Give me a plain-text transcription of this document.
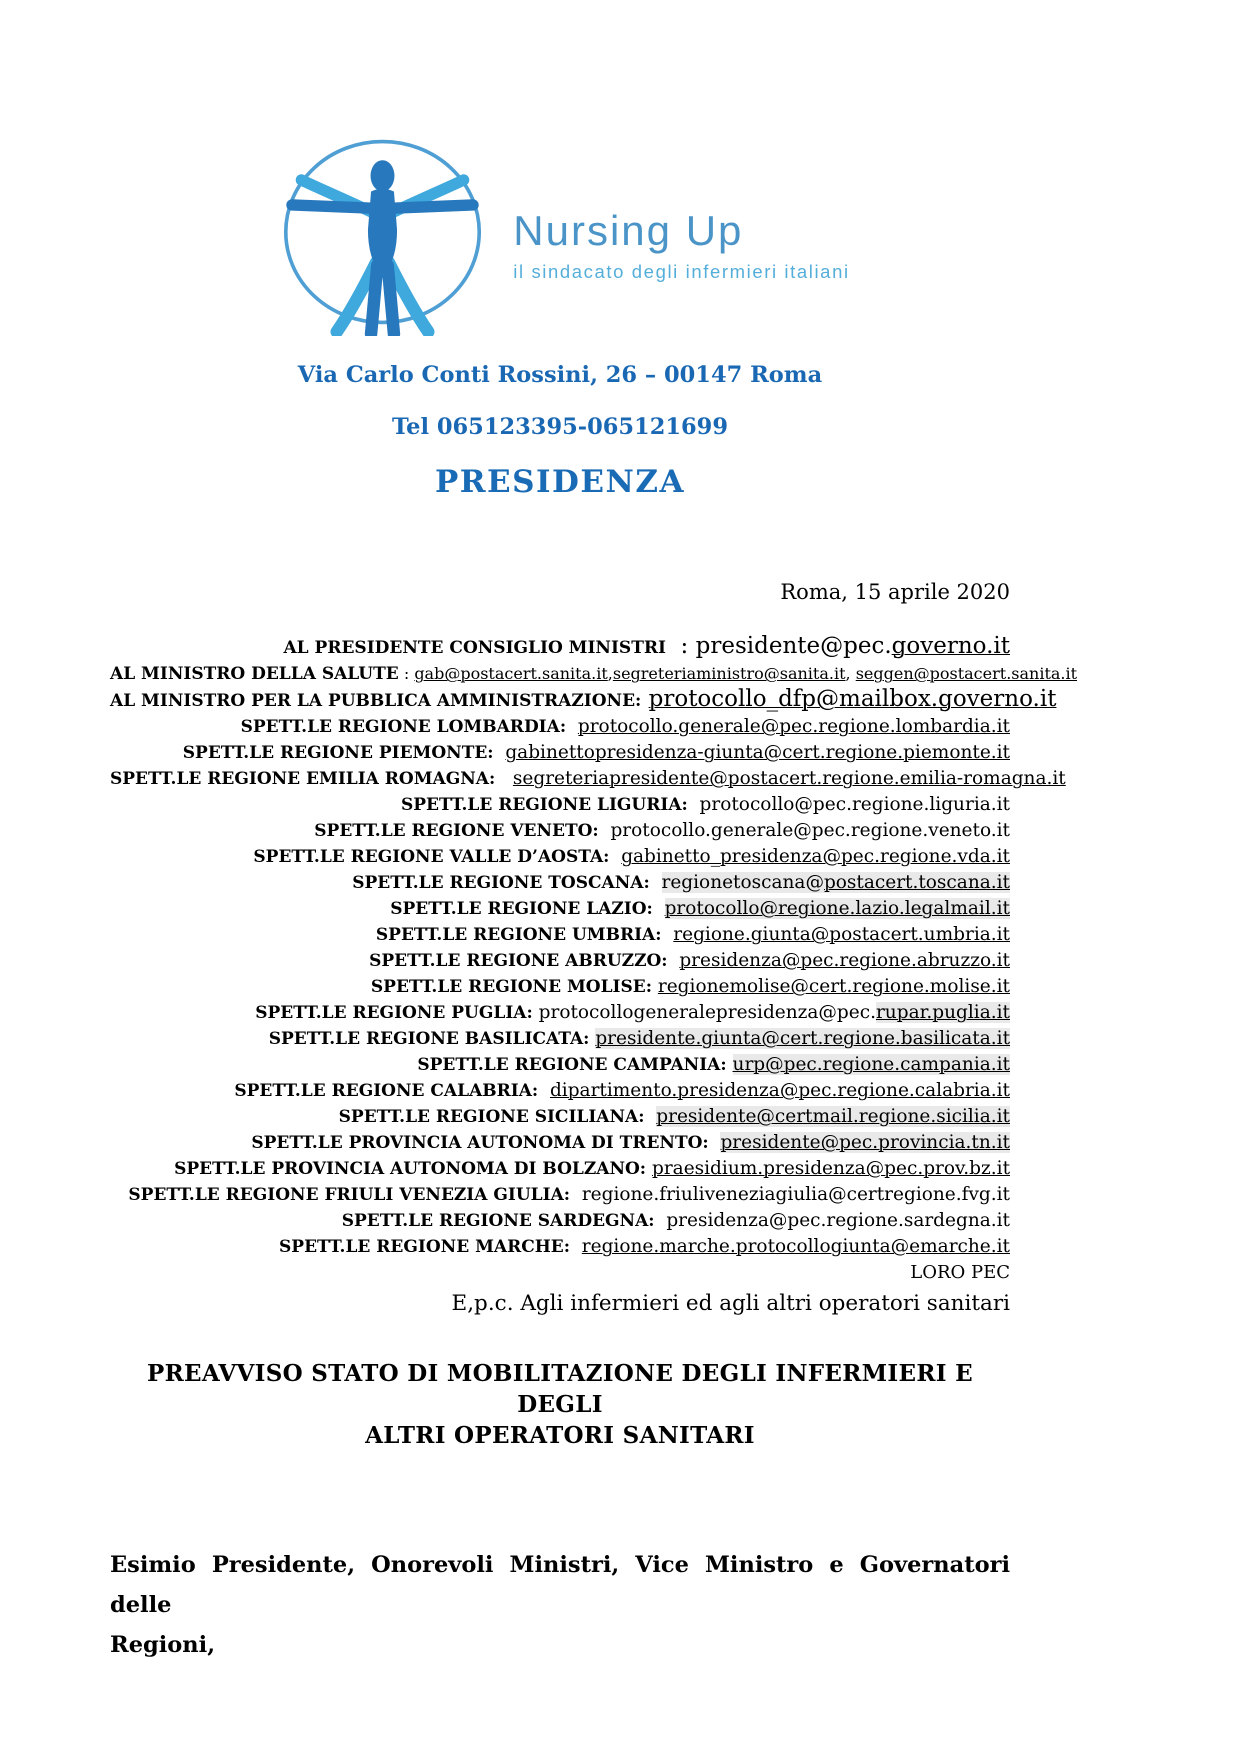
Nursing Up
il sindacato degli infermieri italiani
Via Carlo Conti Rossini, 26 – 00147 Roma
Tel 065123395-065121699
PRESIDENZA
Roma, 15 aprile 2020
AL PRESIDENTE CONSIGLIO MINISTRI  : presidente@pec.governo.it
AL MINISTRO DELLA SALUTE : gab@postacert.sanita.it,segreteriaministro@sanita.it, seggen@postacert.sanita.it
AL MINISTRO PER LA PUBBLICA AMMINISTRAZIONE: protocollo_dfp@mailbox.governo.it
SPETT.LE REGIONE LOMBARDIA: protocollo.generale@pec.regione.lombardia.it
SPETT.LE REGIONE PIEMONTE: gabinettopresidenza-giunta@cert.regione.piemonte.it
SPETT.LE REGIONE EMILIA ROMAGNA: segreteriapresidente@postacert.regione.emilia-romagna.it
SPETT.LE REGIONE LIGURIA: protocollo@pec.regione.liguria.it
SPETT.LE REGIONE VENETO: protocollo.generale@pec.regione.veneto.it
SPETT.LE REGIONE VALLE D’AOSTA: gabinetto_presidenza@pec.regione.vda.it
SPETT.LE REGIONE TOSCANA: regionetoscana@postacert.toscana.it
SPETT.LE REGIONE LAZIO: protocollo@regione.lazio.legalmail.it
SPETT.LE REGIONE UMBRIA: regione.giunta@postacert.umbria.it
SPETT.LE REGIONE ABRUZZO: presidenza@pec.regione.abruzzo.it
SPETT.LE REGIONE MOLISE: regionemolise@cert.regione.molise.it
SPETT.LE REGIONE PUGLIA: protocollogeneralepresidenza@pec.rupar.puglia.it
SPETT.LE REGIONE BASILICATA: presidente.giunta@cert.regione.basilicata.it
SPETT.LE REGIONE CAMPANIA: urp@pec.regione.campania.it
SPETT.LE REGIONE CALABRIA: dipartimento.presidenza@pec.regione.calabria.it
SPETT.LE REGIONE SICILIANA: presidente@certmail.regione.sicilia.it
SPETT.LE PROVINCIA AUTONOMA DI TRENTO: presidente@pec.provincia.tn.it
SPETT.LE PROVINCIA AUTONOMA DI BOLZANO: praesidium.presidenza@pec.prov.bz.it
SPETT.LE REGIONE FRIULI VENEZIA GIULIA: regione.friuliveneziagiulia@certregione.fvg.it
SPETT.LE REGIONE SARDEGNA: presidenza@pec.regione.sardegna.it
SPETT.LE REGIONE MARCHE: regione.marche.protocollogiunta@emarche.it
LORO PEC
E,p.c. Agli infermieri ed agli altri operatori sanitari
PREAVVISO STATO DI MOBILITAZIONE DEGLI INFERMIERI E DEGLI
ALTRI OPERATORI SANITARI
Esimio Presidente, Onorevoli Ministri, Vice Ministro e Governatori delle
Regioni,
